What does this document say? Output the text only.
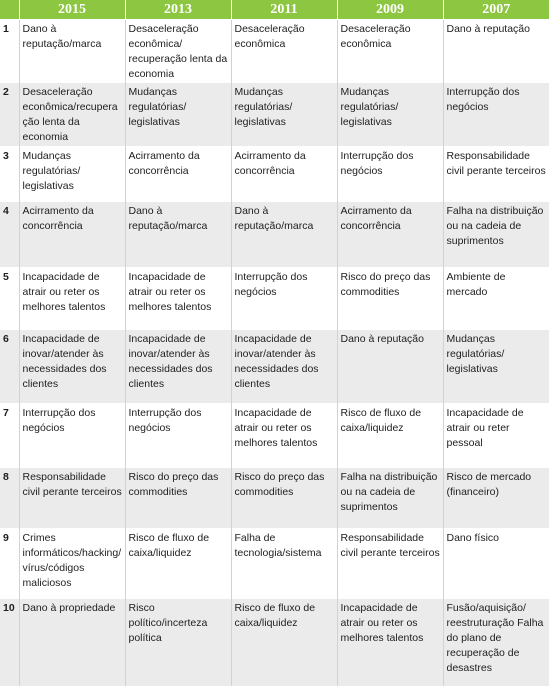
	2015	2013	2011	2009	2007
1	Dano à reputação/marca	Desaceleração econômica/ recuperação lenta da economia	Desaceleração econômica	Desaceleração econômica	Dano à reputação
2	Desaceleração econômica/recuperação lenta da economia	Mudanças regulatórias/ legislativas	Mudanças regulatórias/ legislativas	Mudanças regulatórias/ legislativas	Interrupção dos negócios
3	Mudanças regulatórias/ legislativas	Acirramento da concorrência	Acirramento da concorrência	Interrupção dos negócios	Responsabilidade civil perante terceiros
4	Acirramento da concorrência	Dano à reputação/marca	Dano à reputação/marca	Acirramento da concorrência	Falha na distribuição ou na cadeia de suprimentos
5	Incapacidade de atrair ou reter os melhores talentos	Incapacidade de atrair ou reter os melhores talentos	Interrupção dos negócios	Risco do preço das commodities	Ambiente de mercado
6	Incapacidade de inovar/atender às necessidades dos clientes	Incapacidade de inovar/atender às necessidades dos clientes	Incapacidade de inovar/atender às necessidades dos clientes	Dano à reputação	Mudanças regulatórias/ legislativas
7	Interrupção dos negócios	Interrupção dos negócios	Incapacidade de atrair ou reter os melhores talentos	Risco de fluxo de caixa/liquidez	Incapacidade de atrair ou reter pessoal
8	Responsabilidade civil perante terceiros	Risco do preço das commodities	Risco do preço das commodities	Falha na distribuição ou na cadeia de suprimentos	Risco de mercado (financeiro)
9	Crimes informáticos/hacking/ vírus/códigos maliciosos	Risco de fluxo de caixa/liquidez	Falha de tecnologia/sistema	Responsabilidade civil perante terceiros	Dano físico
10	Dano à propriedade	Risco político/incerteza política	Risco de fluxo de caixa/liquidez	Incapacidade de atrair ou reter os melhores talentos	Fusão/aquisição/ reestruturação Falha do plano de recuperação de desastres
